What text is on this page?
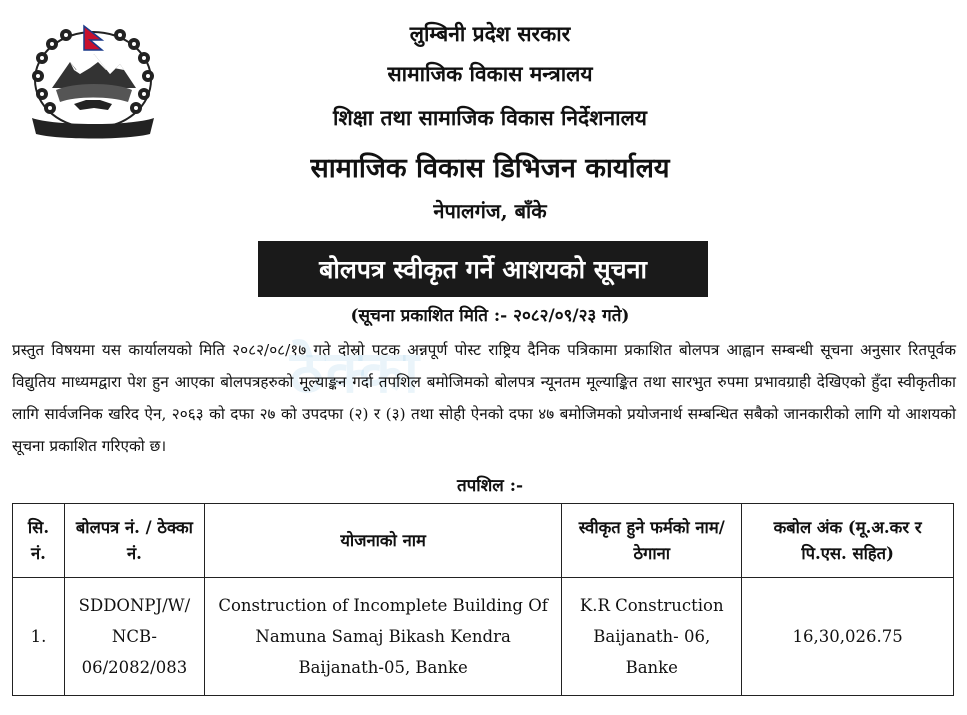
लुम्बिनी प्रदेश सरकार
सामाजिक विकास मन्त्रालय
शिक्षा तथा सामाजिक विकास निर्देशनालय
सामाजिक विकास डिभिजन कार्यालय
नेपालगंज, बाँके
बोलपत्र स्वीकृत गर्ने आशयको सूचना
(सूचना प्रकाशित मिति :- २०८२/०९/२३ गते)
ठेक्का
प्रस्तुत विषयमा यस कार्यालयको मिति २०८२/०८/१७ गते दोस्रो पटक अन्नपूर्ण पोस्ट राष्ट्रिय दैनिक पत्रिकामा प्रकाशित बोलपत्र आह्वान सम्बन्धी सूचना अनुसार रितपूर्वक विद्युतिय माध्यमद्वारा पेश हुन आएका बोलपत्रहरुको मूल्याङ्कन गर्दा तपशिल बमोजिमको बोलपत्र न्यूनतम मूल्याङ्कित तथा सारभुत रुपमा प्रभावग्राही देखिएको हुँदा स्वीकृतीका लागि सार्वजनिक खरिद ऐन, २०६३ को दफा २७ को उपदफा (२) र (३) तथा सोही ऐनको दफा ४७ बमोजिमको प्रयोजनार्थ सम्बन्धित सबैको जानकारीको लागि यो आशयको सूचना प्रकाशित गरिएको छ।
तपशिल :-
सि. नं.	बोलपत्र नं. / ठेक्का नं.	योजनाको नाम	स्वीकृत हुने फर्मको नाम/ठेगाना	कबोल अंक (मू.अ.कर र पि.एस. सहित)
1.	SDDONPJ/W/ NCB-06/2082/083	Construction of Incomplete Building Of Namuna Samaj Bikash Kendra Baijanath-05, Banke	K.R Construction Baijanath- 06, Banke	16,30,026.75
